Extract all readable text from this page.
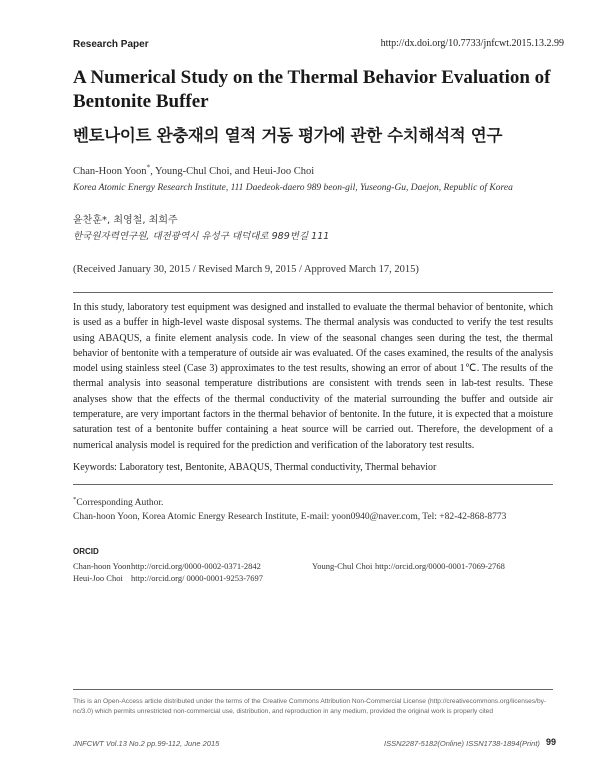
Research Paper	http://dx.doi.org/10.7733/jnfcwt.2015.13.2.99
A Numerical Study on the Thermal Behavior Evaluation of Bentonite Buffer
벤토나이트 완충재의 열적 거동 평가에 관한 수치해석적 연구
Chan-Hoon Yoon*, Young-Chul Choi, and Heui-Joo Choi
Korea Atomic Energy Research Institute, 111 Daedeok-daero 989 beon-gil, Yuseong-Gu, Daejon, Republic of Korea
윤찬훈*, 최영철, 최희주
한국원자력연구원, 대전광역시 유성구 대덕대로 989번길 111
(Received January 30, 2015 / Revised March 9, 2015 / Approved March 17, 2015)
In this study, laboratory test equipment was designed and installed to evaluate the thermal behavior of bentonite, which is used as a buffer in high-level waste disposal systems. The thermal analysis was conducted to verify the test results using ABAQUS, a finite element analysis code. In view of the seasonal changes seen during the test, the thermal behavior of bentonite with a temperature of outside air was evaluated. Of the cases examined, the results of the analysis model using stainless steel (Case 3) approximates to the test results, showing an error of about 1℃. The results of the thermal analysis into seasonal temperature distributions are consistent with trends seen in lab-test results. These analyses show that the effects of the thermal conductivity of the material surrounding the buffer and outside air temperature, are very important factors in the thermal behavior of bentonite. In the future, it is expected that a moisture saturation test of a bentonite buffer containing a heat source will be carried out. Therefore, the development of a numerical analysis model is required for the prediction and verification of the laboratory test results.
Keywords: Laboratory test, Bentonite, ABAQUS, Thermal conductivity, Thermal behavior
*Corresponding Author.
Chan-hoon Yoon, Korea Atomic Energy Research Institute, E-mail: yoon0940@naver.com, Tel: +82-42-868-8773
ORCID
Chan-hoon Yoon http://orcid.org/0000-0002-0371-2842	Young-Chul Choi http://orcid.org/0000-0001-7069-2768
Heui-Joo Choi http://orcid.org/ 0000-0001-9253-7697
This is an Open-Access article distributed under the terms of the Creative Commons Attribution Non-Commercial License (http://creativecommons.org/licenses/by-nc/3.0) which permits unrestricted non-commercial use, distribution, and reproduction in any medium, provided the original work is properly cited
JNFCWT Vol.13 No.2 pp.99-112, June 2015	ISSN2287-5182(Online) ISSN1738-1894(Print) 99
